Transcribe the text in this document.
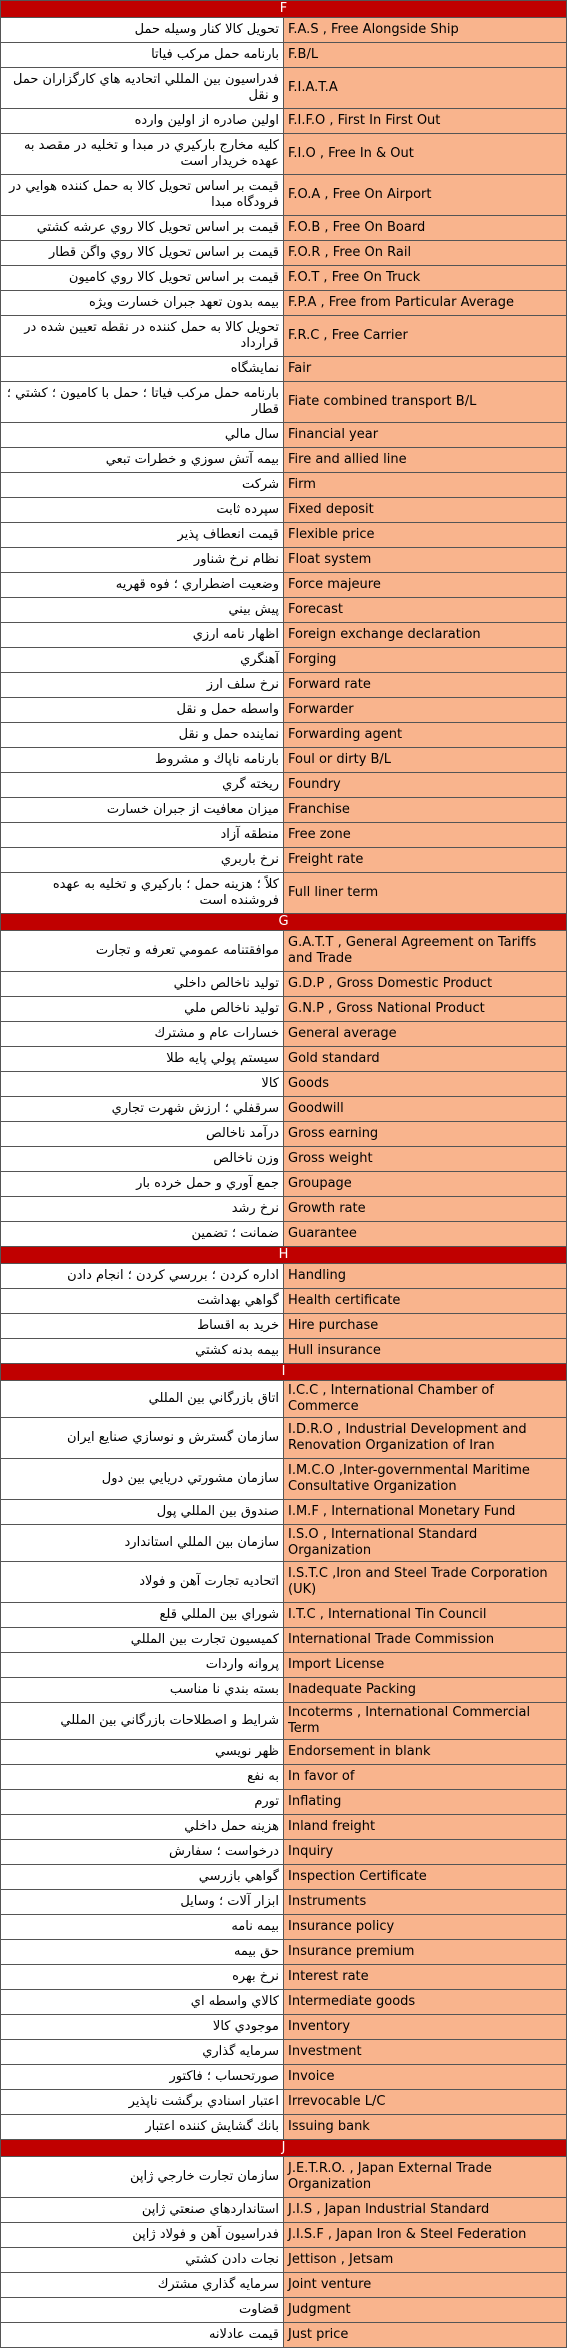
F	
تحويل كالا كنار وسيله حمل	F.A.S , Free Alongside Ship
بارنامه حمل مرکب فياتا	F.B/L
فدراسيون بين المللي اتحاديه هاي كارگزاران حمل و نقل	F.I.A.T.A
اولين صادره از اولين وارده	F.I.F.O , First In First Out
كليه مخارج باركيري در مبدا و تخليه در مقصد به عهده خريدار است	F.I.O , Free In & Out
قيمت بر اساس تحويل كالا به حمل كننده هوايي در فرودگاه مبدا	F.O.A , Free On Airport
قيمت بر اساس تحويل كالا روي عرشه كشتي	F.O.B , Free On Board
قيمت بر اساس تحويل كالا روي واگن قطار	F.O.R , Free On Rail
قيمت بر اساس تحويل كالا روي كاميون	F.O.T , Free On Truck
بيمه بدون تعهد جبران خسارت ويژه	F.P.A , Free from Particular Average
تحويل كالا به حمل كننده در نقطه تعيين شده در قرارداد	F.R.C , Free Carrier
نمايشگاه	Fair
بارنامه حمل مركب فياتا ؛ حمل با كاميون ؛ كشتي ؛ قطار	Fiate combined transport B/L
سال مالي	Financial year
بيمه آتش سوزي و خطرات تبعي	Fire and allied line
شركت	Firm
سپرده ثابت	Fixed deposit
قيمت انعطاف پذير	Flexible price
نظام نرخ شناور	Float system
وضعيت اضطراري ؛ فوه قهريه	Force majeure
پيش بيني	Forecast
اظهار نامه ارزي	Foreign exchange declaration
آهنگري	Forging
نرخ سلف ارز	Forward rate
واسطه حمل و نقل	Forwarder
نماينده حمل و نقل	Forwarding agent
بارنامه ناپاك و مشروط	Foul or dirty B/L
ريخته گري	Foundry
ميزان معافيت از جبران خسارت	Franchise
منطقه آزاد	Free zone
نرخ باربري	Freight rate
كلاً ؛ هزينه حمل ؛ باركيري و تخليه به عهده فروشنده است	Full liner term
G	
موافقتنامه عمومي تعرفه و تجارت	G.A.T.T , General Agreement on Tariffs and Trade
توليد ناخالص داخلي	G.D.P , Gross Domestic Product
توليد ناخالص ملي	G.N.P , Gross National Product
خسارات عام و مشترك	General average
سيستم پولي پايه طلا	Gold standard
كالا	Goods
سرقفلي ؛ ارزش شهرت تجاري	Goodwill
درآمد ناخالص	Gross earning
وزن ناخالص	Gross weight
جمع آوري و حمل خرده بار	Groupage
نرخ رشد	Growth rate
ضمانت ؛ تضمين	Guarantee
H	
اداره كردن ؛ بررسي كردن ؛ انجام دادن	Handling
گواهي بهداشت	Health certificate
خريد به اقساط	Hire purchase
بيمه بدنه كشتي	Hull insurance
I	
اتاق بازرگاني بين المللي	I.C.C , International Chamber of Commerce
سازمان گسترش و نوسازي صنايع ايران	I.D.R.O , Industrial Development and Renovation Organization of Iran
سازمان مشورتي دريايي بين دول	I.M.C.O ,Inter-governmental Maritime Consultative Organization
صندوق بين المللي پول	I.M.F , International Monetary Fund
سازمان بين المللي استاندارد	I.S.O , International Standard Organization
اتحاديه تجارت آهن و فولاد	I.S.T.C ,Iron and Steel Trade Corporation (UK)
شوراي بين المللي قلع	I.T.C , International Tin Council
كميسيون تجارت بين المللي	International Trade Commission
پروانه واردات	Import License
بسته بندي نا مناسب	Inadequate Packing
شرايط و اصطلاحات بازرگاني بين المللي	Incoterms , International Commercial Term
ظهر نويسي	Endorsement in blank
به نفع	In favor of
تورم	Inflating
هزينه حمل داخلي	Inland freight
درخواست ؛ سفارش	Inquiry
گواهي بازرسي	Inspection Certificate
ابزار آلات ؛ وسايل	Instruments
بيمه نامه	Insurance policy
حق بيمه	Insurance premium
نرخ بهره	Interest rate
كالاي واسطه اي	Intermediate goods
موجودي كالا	Inventory
سرمايه گذاري	Investment
صورتحساب ؛ فاكتور	Invoice
اعتبار اسنادي برگشت ناپذير	Irrevocable L/C
بانك گشايش كننده اعتبار	Issuing bank
J	
سازمان تجارت خارجي ژاپن	J.E.T.R.O. , Japan External Trade Organization
استانداردهاي صنعتي ژاپن	J.I.S , Japan Industrial Standard
فدراسيون آهن و فولاد ژاپن	J.I.S.F , Japan Iron & Steel Federation
نجات دادن كشتي	Jettison , Jetsam
سرمايه گذاري مشترك	Joint venture
قضاوت	Judgment
قيمت عادلانه	Just price
